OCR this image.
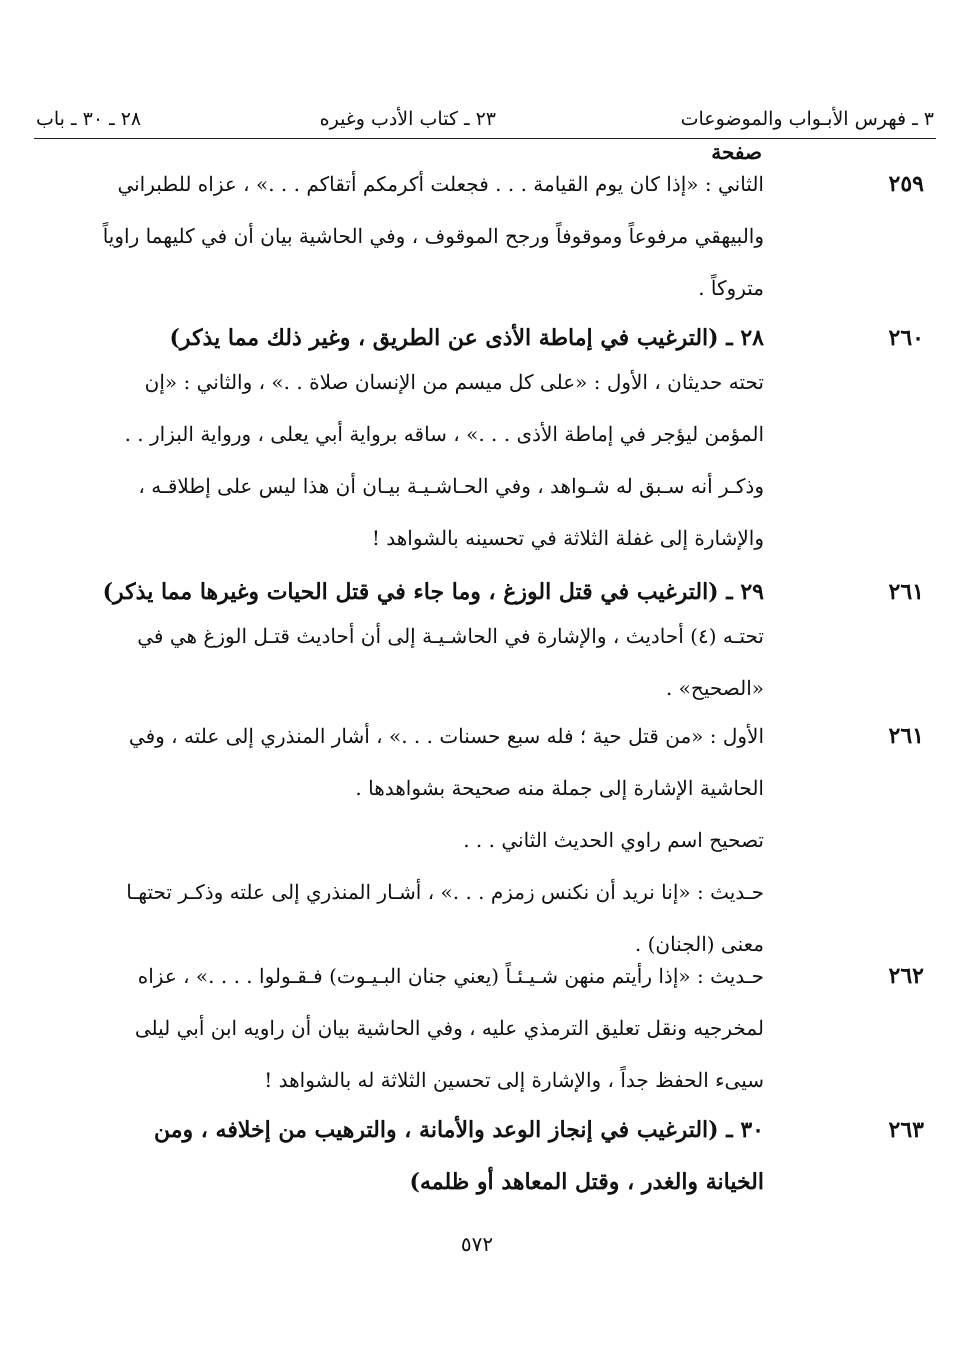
٣ ـ فهرس الأبـواب والموضوعات
٢٣ ـ كتاب الأدب وغيره
٢٨ ـ ٣٠ ـ باب
صفحة
٢٥٩
الثاني : «إذا كان يوم القيامة . . . فجعلت أكرمكم أتقاكم . . .» ، عزاه للطبراني
والبيهقي مرفوعاً وموقوفاً ورجح الموقوف ، وفي الحاشية بيان أن في كليهما راوياً
متروكاً .
٢٦٠
٢٨ ـ (الترغيب في إماطة الأذى عن الطريق ، وغير ذلك مما يذكر)
تحته حديثان ، الأول : «على كل ميسم من الإنسان صلاة . .» ، والثاني : «إن
المؤمن ليؤجر في إماطة الأذى . . .» ، ساقه برواية أبي يعلى ، ورواية البزار . .
وذكـر أنه سـبق له شـواهد ، وفي الحـاشـيـة بيـان أن هذا ليس على إطلاقـه ،
والإشارة إلى غفلة الثلاثة في تحسينه بالشواهد !
٢٦١
٢٩ ـ (الترغيب في قتل الوزغ ، وما جاء في قتل الحيات وغيرها مما يذكر)
تحتـه (٤) أحاديث ، والإشارة في الحاشـيـة إلى أن أحاديث قتـل الوزغ هي في
«الصحيح» .
٢٦١
الأول : «من قتل حية ؛ فله سبع حسنات . . .» ، أشار المنذري إلى علته ، وفي
الحاشية الإشارة إلى جملة منه صحيحة بشواهدها .
تصحيح اسم راوي الحديث الثاني . . .
حـديث : «إنا نريد أن نكنس زمزم . . .» ، أشـار المنذري إلى علته وذكـر تحتهـا
معنى (الجنان) .
٢٦٢
حـديث : «إذا رأيتم منهن شـيـئـاً (يعني جنان البـيـوت) فـقـولوا . . . .» ، عزاه
لمخرجيه ونقل تعليق الترمذي عليه ، وفي الحاشية بيان أن راويه ابن أبي ليلى
سيىء الحفظ جداً ، والإشارة إلى تحسين الثلاثة له بالشواهد !
٢٦٣
٣٠ ـ (الترغيب في إنجاز الوعد والأمانة ، والترهيب من إخلافه ، ومن
الخيانة والغدر ، وقتل المعاهد أو ظلمه)
٥٧٢
